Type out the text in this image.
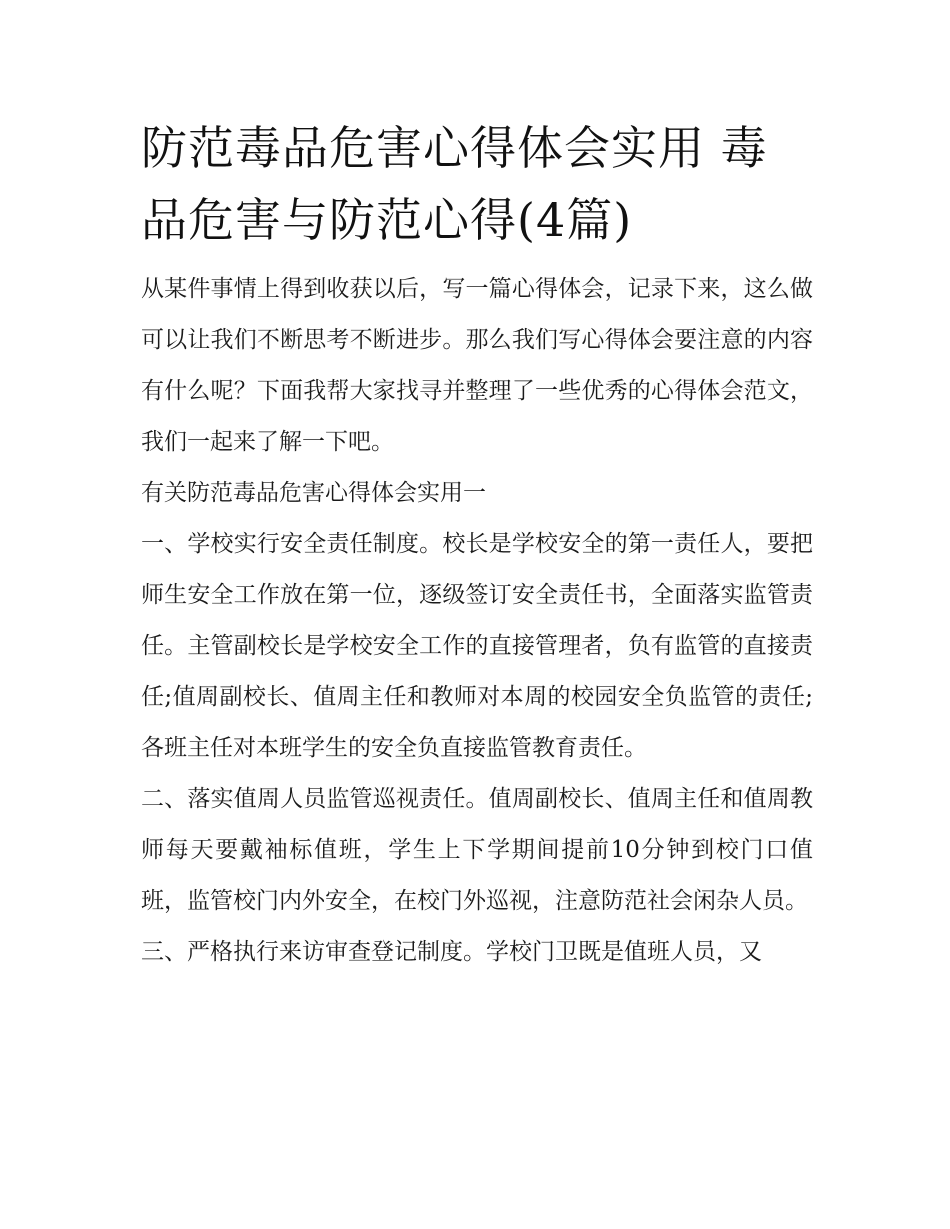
防范毒品危害心得体会实用 毒品危害与防范心得(4篇)

从某件事情上得到收获以后，写一篇心得体会，记录下来，这么做可以让我们不断思考不断进步。那么我们写心得体会要注意的内容有什么呢？下面我帮大家找寻并整理了一些优秀的心得体会范文，我们一起来了解一下吧。

有关防范毒品危害心得体会实用一

一、学校实行安全责任制度。校长是学校安全的第一责任人，要把师生安全工作放在第一位，逐级签订安全责任书，全面落实监管责任。主管副校长是学校安全工作的直接管理者，负有监管的直接责任;值周副校长、值周主任和教师对本周的校园安全负监管的责任;各班主任对本班学生的安全负直接监管教育责任。

二、落实值周人员监管巡视责任。值周副校长、值周主任和值周教师每天要戴袖标值班，学生上下学期间提前10分钟到校门口值班，监管校门内外安全，在校门外巡视，注意防范社会闲杂人员。

三、严格执行来访审查登记制度。学校门卫既是值班人员，又
